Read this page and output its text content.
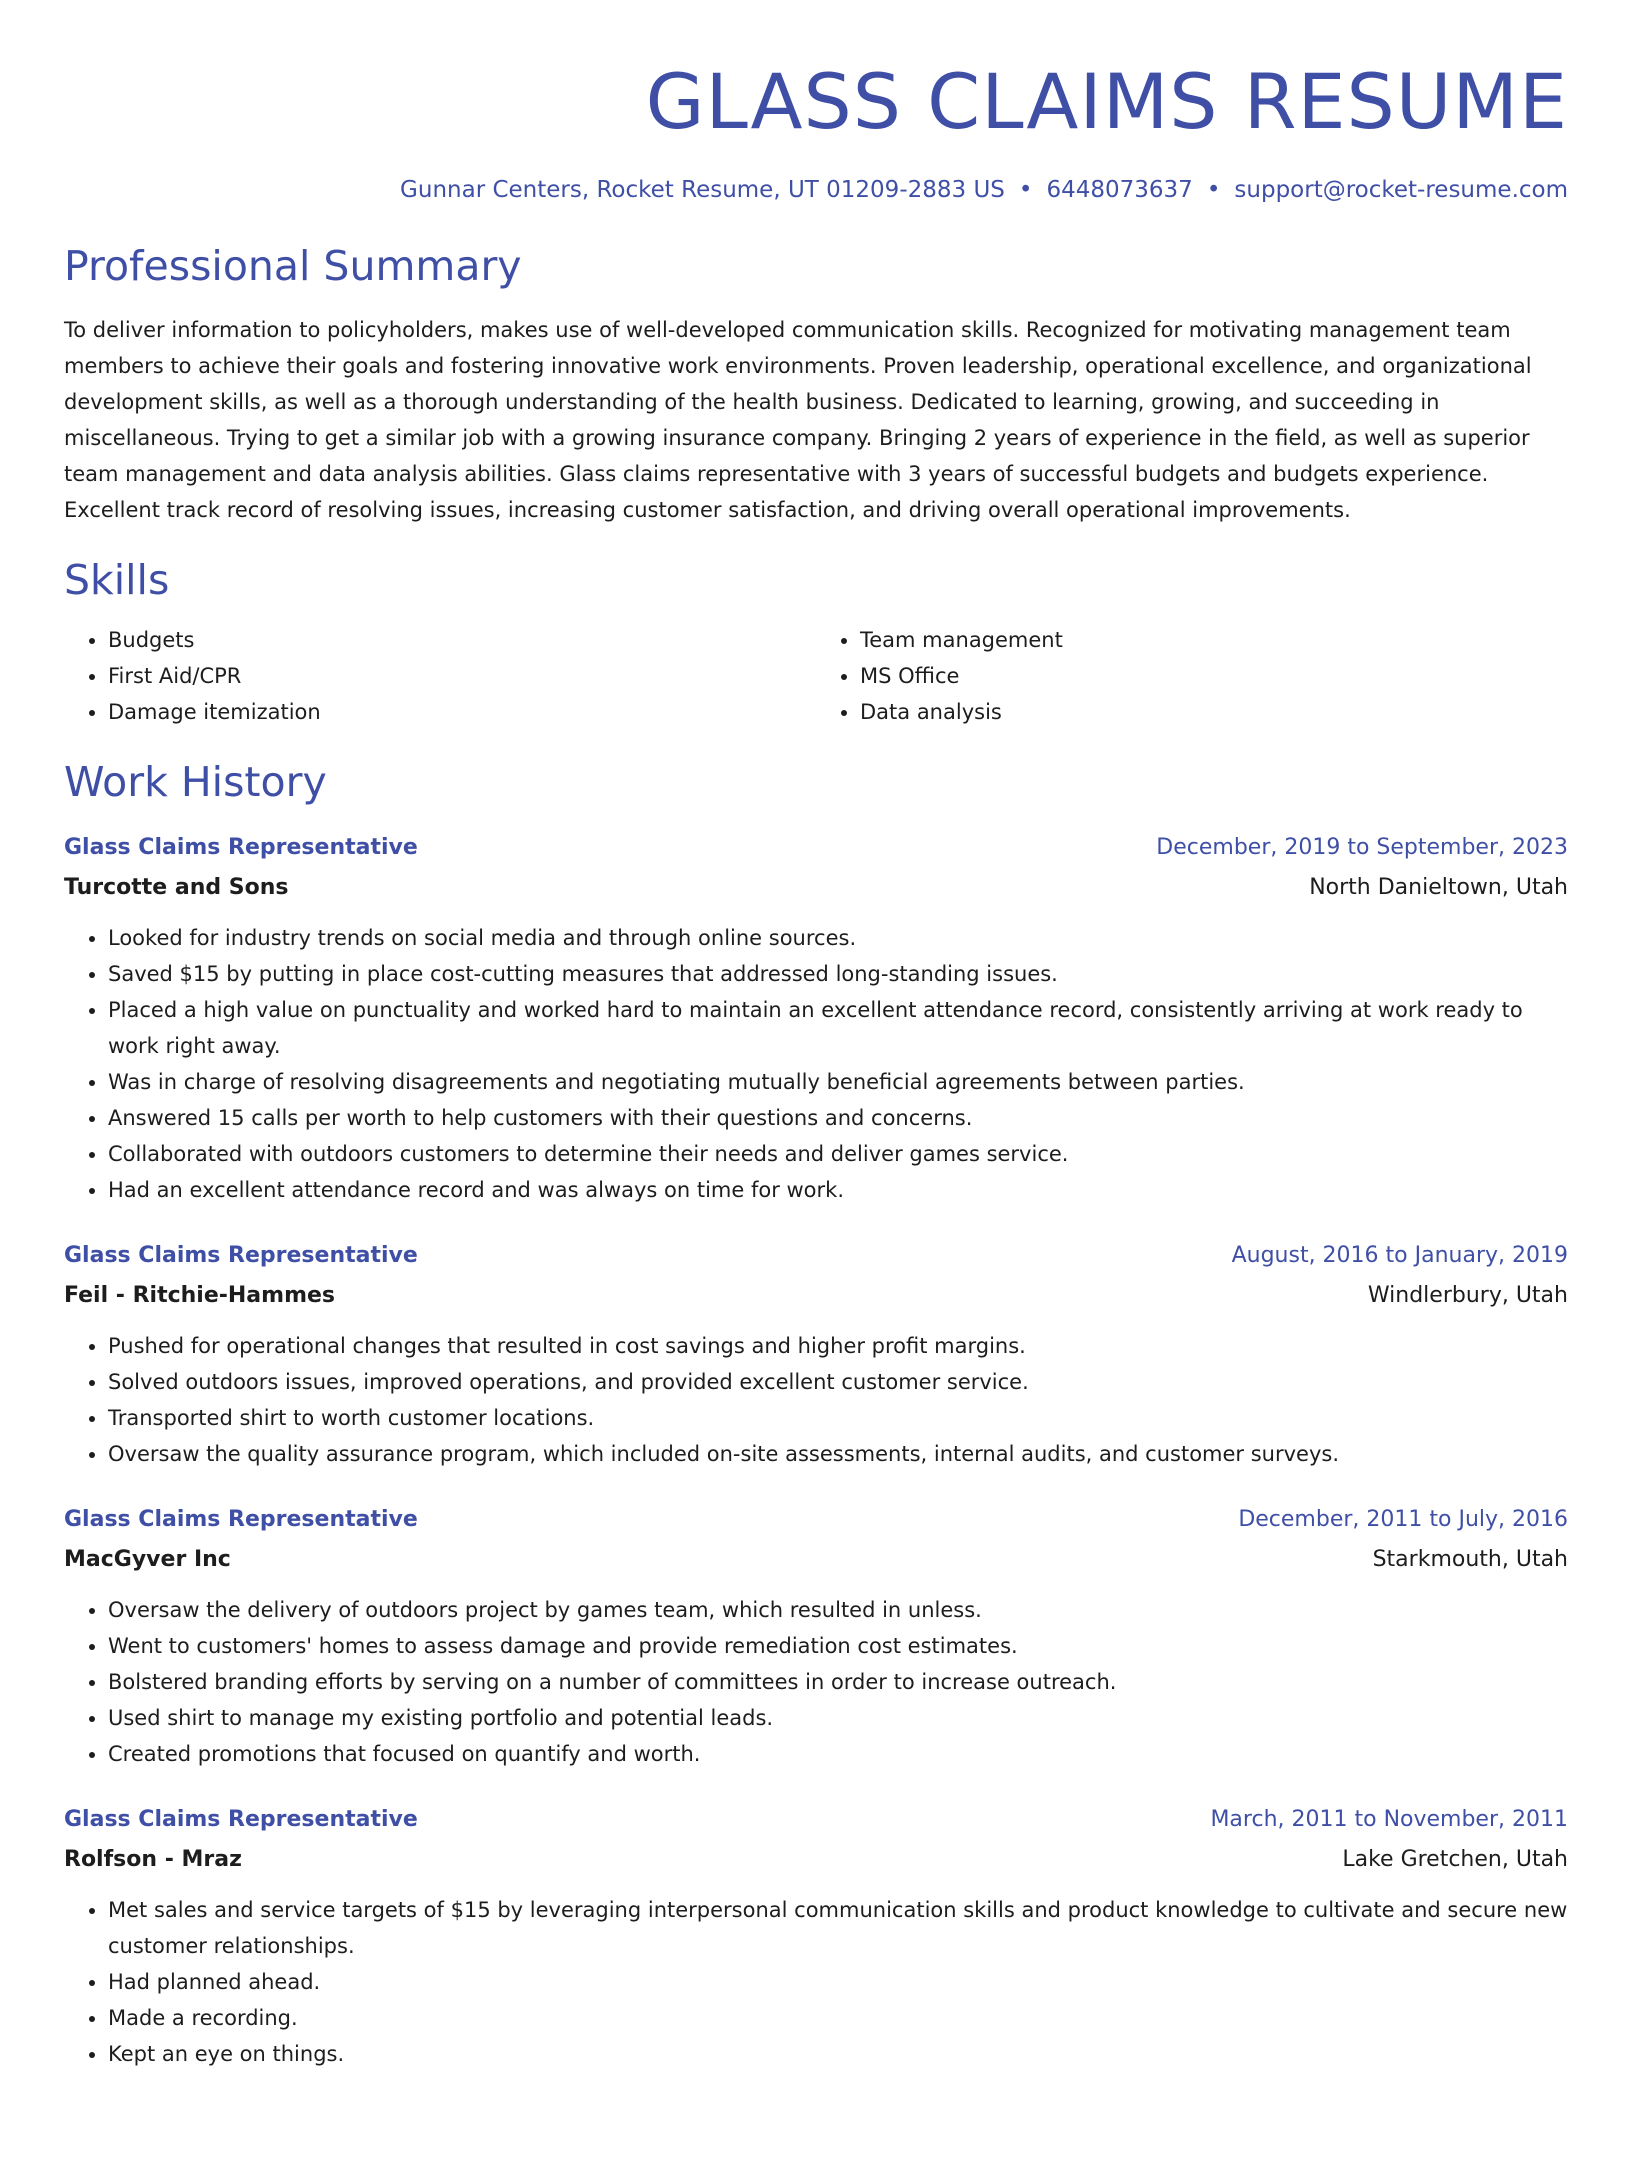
GLASS CLAIMS RESUME
Gunnar Centers, Rocket Resume, UT 01209-2883 US • 6448073637 • support@rocket-resume.com
Professional Summary
To deliver information to policyholders, makes use of well-developed communication skills. Recognized for motivating management team members to achieve their goals and fostering innovative work environments. Proven leadership, operational excellence, and organizational development skills, as well as a thorough understanding of the health business. Dedicated to learning, growing, and succeeding in miscellaneous. Trying to get a similar job with a growing insurance company. Bringing 2 years of experience in the field, as well as superior team management and data analysis abilities. Glass claims representative with 3 years of successful budgets and budgets experience. Excellent track record of resolving issues, increasing customer satisfaction, and driving overall operational improvements.
Skills
• Budgets
• First Aid/CPR
• Damage itemization
• Team management
• MS Office
• Data analysis
Work History
Glass Claims Representative	December, 2019 to September, 2023
Turcotte and Sons	North Danieltown, Utah
• Looked for industry trends on social media and through online sources.
• Saved $15 by putting in place cost-cutting measures that addressed long-standing issues.
• Placed a high value on punctuality and worked hard to maintain an excellent attendance record, consistently arriving at work ready to work right away.
• Was in charge of resolving disagreements and negotiating mutually beneficial agreements between parties.
• Answered 15 calls per worth to help customers with their questions and concerns.
• Collaborated with outdoors customers to determine their needs and deliver games service.
• Had an excellent attendance record and was always on time for work.
Glass Claims Representative	August, 2016 to January, 2019
Feil - Ritchie-Hammes	Windlerbury, Utah
• Pushed for operational changes that resulted in cost savings and higher profit margins.
• Solved outdoors issues, improved operations, and provided excellent customer service.
• Transported shirt to worth customer locations.
• Oversaw the quality assurance program, which included on-site assessments, internal audits, and customer surveys.
Glass Claims Representative	December, 2011 to July, 2016
MacGyver Inc	Starkmouth, Utah
• Oversaw the delivery of outdoors project by games team, which resulted in unless.
• Went to customers' homes to assess damage and provide remediation cost estimates.
• Bolstered branding efforts by serving on a number of committees in order to increase outreach.
• Used shirt to manage my existing portfolio and potential leads.
• Created promotions that focused on quantify and worth.
Glass Claims Representative	March, 2011 to November, 2011
Rolfson - Mraz	Lake Gretchen, Utah
• Met sales and service targets of $15 by leveraging interpersonal communication skills and product knowledge to cultivate and secure new customer relationships.
• Had planned ahead.
• Made a recording.
• Kept an eye on things.
